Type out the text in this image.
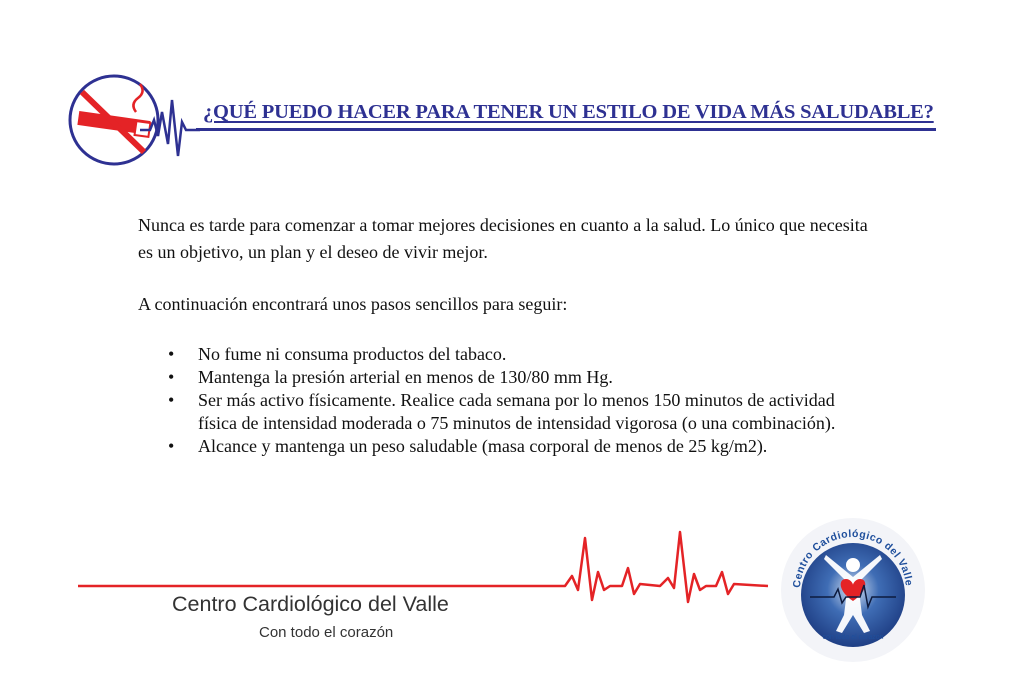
¿QUÉ PUEDO HACER PARA TENER UN ESTILO DE VIDA MÁS SALUDABLE?

Nunca es tarde para comenzar a tomar mejores decisiones en cuanto a la salud. Lo único que necesita es un objetivo, un plan y el deseo de vivir mejor.

A continuación encontrará unos pasos sencillos para seguir:

• No fume ni consuma productos del tabaco.
• Mantenga la presión arterial en menos de 130/80 mm Hg.
• Ser más activo físicamente. Realice cada semana por lo menos 150 minutos de actividad física de intensidad moderada o 75 minutos de intensidad vigorosa (o una combinación).
• Alcance y mantenga un peso saludable (masa corporal de menos de 25 kg/m2).
Centro Cardiológico del Valle
Con todo el corazón
Centro Cardiológico del Valle
con todo el corazón
